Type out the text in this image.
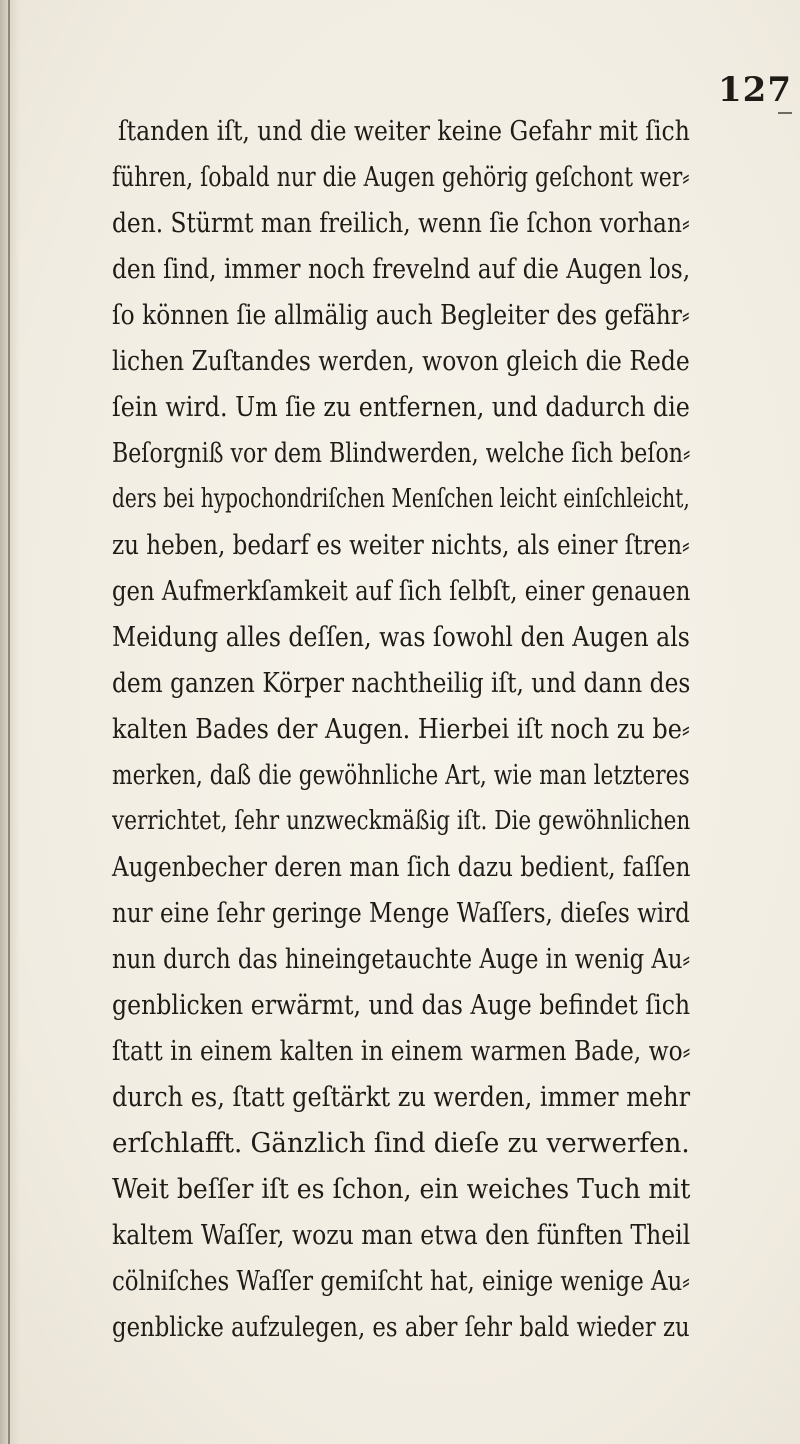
127
ſtanden iſt, und die weiter keine Gefahr mit ſich
führen, ſobald nur die Augen gehörig geſchont wer⸗
den. Stürmt man freilich, wenn ſie ſchon vorhan⸗
den ſind, immer noch frevelnd auf die Augen los,
ſo können ſie allmälig auch Begleiter des gefähr⸗
lichen Zuſtandes werden, wovon gleich die Rede
ſein wird. Um ſie zu entfernen, und dadurch die
Beſorgniß vor dem Blindwerden, welche ſich beſon⸗
ders bei hypochondriſchen Menſchen leicht einſchleicht,
zu heben, bedarf es weiter nichts, als einer ſtren⸗
gen Aufmerkſamkeit auf ſich ſelbſt, einer genauen
Meidung alles deſſen, was ſowohl den Augen als
dem ganzen Körper nachtheilig iſt, und dann des
kalten Bades der Augen. Hierbei iſt noch zu be⸗
merken, daß die gewöhnliche Art, wie man letzteres
verrichtet, ſehr unzweckmäßig iſt. Die gewöhnlichen
Augenbecher deren man ſich dazu bedient, faſſen
nur eine ſehr geringe Menge Waſſers, dieſes wird
nun durch das hineingetauchte Auge in wenig Au⸗
genblicken erwärmt, und das Auge befindet ſich
ſtatt in einem kalten in einem warmen Bade, wo⸗
durch es, ſtatt geſtärkt zu werden, immer mehr
erſchlafft. Gänzlich ſind dieſe zu verwerfen.
Weit beſſer iſt es ſchon, ein weiches Tuch mit
kaltem Waſſer, wozu man etwa den fünften Theil
cölniſches Waſſer gemiſcht hat, einige wenige Au⸗
genblicke aufzulegen, es aber ſehr bald wieder zu
